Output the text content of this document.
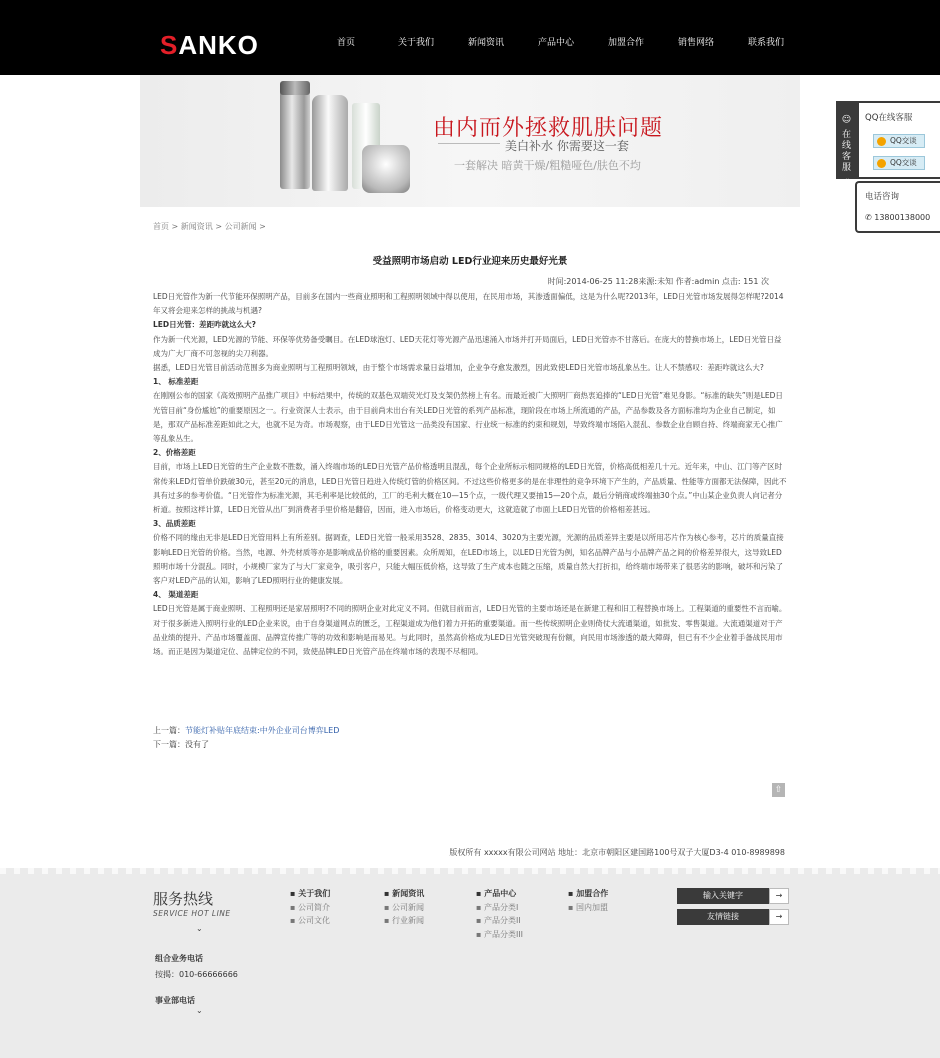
SANKO	首页	关于我们	新闻资讯	产品中心	加盟合作	销售网络	联系我们
由内而外拯救肌肤问题
美白补水 你需要这一套
一套解决 暗黄干燥/粗糙哑色/肤色不均
首页 > 新闻资讯 > 公司新闻 >
受益照明市场启动 LED行业迎来历史最好光景
时间:2014-06-25 11:28来源:未知 作者:admin 点击: 151 次

LED日光管作为新一代节能环保照明产品，目前多在国内一些商业照明和工程照明领域中得以使用，在民用市场，其渗透面偏低，这是为什么呢?2013年，LED日光管市场发展得怎样呢?2014年又将会迎来怎样的挑战与机遇?

LED日光管：差距咋就这么大?

作为新一代光源，LED光源的节能、环保等优势备受瞩目。在LED球泡灯、LED天花灯等光源产品迅速涌入市场并打开局面后，LED日光管亦不甘落后。在庞大的替换市场上，LED日光管日益成为广大厂商不可忽视的尖刀利器。

据悉，LED日光管目前活动范围多为商业照明与工程照明领域，由于整个市场需求量日益增加，企业争夺愈发激烈，因此致使LED日光管市场乱象丛生。让人不禁感叹：差距咋就这么大?

1、 标准差距

在刚刚公布的国家《高效照明产品推广项目》中标结果中，传统的双基色双端荧光灯及支架仍然榜上有名。而最近被广大照明厂商热衷追捧的“LED日光管”难见身影。“标准的缺失”则是LED日光管目前“身份尴尬”的重要原因之一。行业资深人士表示，由于目前尚未出台有关LED日光管的系列产品标准，现阶段在市场上所流通的产品，产品参数及各方面标准均为企业自己制定，如是，那双产品标准差距如此之大，也就不足为奇。市场观察，由于LED日光管这一品类没有国家、行业统一标准的约束和规划，导致终端市场陷入混乱、参数企业自顾自持、终端商家无心推广等乱象丛生。

2、价格差距

目前，市场上LED日光管的生产企业数不胜数，涌入终端市场的LED日光管产品价格透明且混乱，每个企业所标示相同规格的LED日光管，价格高低相差几十元。近年来，中山、江门等产区时常传来LED灯管单价跌破30元，甚至20元的消息，LED日光管日趋进入传统灯管的价格区间。不过这些价格更多的是在非理性的竞争环境下产生的，产品质量、性能等方面都无法保障，因此不具有过多的参考价值。“日光管作为标准光源，其毛利率是比较低的，工厂的毛利大概在10—15个点，一级代理又要抽15—20个点，最后分销商或终端抽30个点。”中山某企业负责人向记者分析道。按照这样计算，LED日光管从出厂到消费者手里价格是翻倍，因而，进入市场后，价格变动更大，这就造就了市面上LED日光管的价格相差甚远。

3、品质差距

价格不同的缘由无非是LED日光管用料上有所差别。据调查，LED日光管一般采用3528、2835、3014、3020为主要光源，光源的品质差异主要是以所用芯片作为核心参考，芯片的质量直接影响LED日光管的价格。当然，电源、外壳材质等亦是影响成品价格的重要因素。众所周知，在LED市场上，以LED日光管为例，知名品牌产品与小品牌产品之间的价格差异很大，这导致LED照明市场十分混乱。同时，小规模厂家为了与大厂家竞争，吸引客户，只能大幅压低价格，这导致了生产成本也随之压缩，质量自然大打折扣，给终端市场带来了很恶劣的影响，破坏和污染了客户对LED产品的认知，影响了LED照明行业的健康发展。

4、 渠道差距

LED日光管是属于商业照明、工程照明还是家居照明?不同的照明企业对此定义不同。但就目前而言，LED日光管的主要市场还是在新建工程和旧工程替换市场上。工程渠道的重要性不言而喻。对于很多新进入照明行业的LED企业来说，由于自身渠道网点的匮乏，工程渠道成为他们着力开拓的重要渠道。而一些传统照明企业则倚仗大流通渠道，如批发、零售渠道。大流通渠道对于产品业绩的提升、产品市场覆盖面、品牌宣传推广等的功效和影响是而易见。与此同时，虽然高价格成为LED日光管突破现有份额，向民用市场渗透的最大障碍，但已有不少企业着手备战民用市场。而正是因为渠道定位、品牌定位的不同，致使品牌LED日光管产品在终端市场的表现不尽相同。

上一篇：节能灯补贴年底结束:中外企业司台博弈LED
下一篇：没有了
⇧
版权所有 xxxxx有限公司网站 地址：北京市朝阳区建国路100号双子大厦D3-4 010-8989898
服务热线
SERVICE HOT LINE
⌄
▪ 关于我们
▪ 公司简介
▪ 公司文化
▪ 新闻资讯
▪ 公司新闻
▪ 行业新闻
▪ 产品中心
▪ 产品分类I
▪ 产品分类II
▪ 产品分类III
▪ 加盟合作
▪ 国内加盟
输入关键字	→
友情链接	→
组合业务电话
按揭：010-66666666
事业部电话
⌄
☺
在线客服
«
QQ在线客服
QQ交谈
QQ交谈
电话咨询
✆ 13800138000
